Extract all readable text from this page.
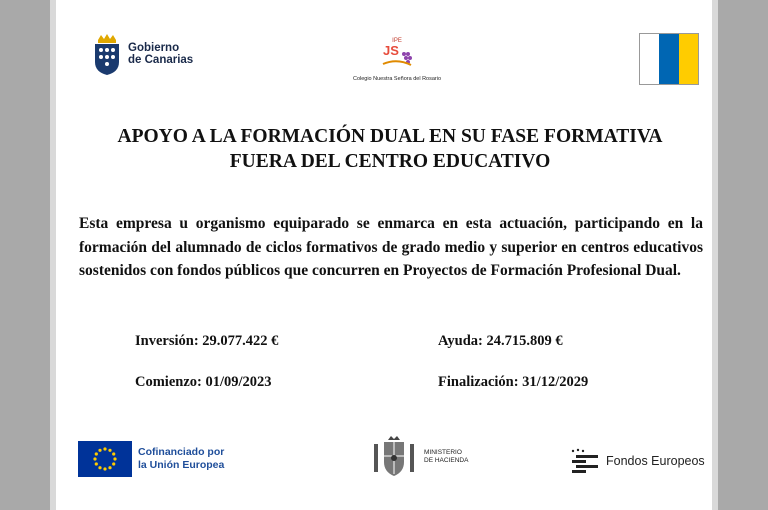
Gobierno
de Canarias
IPE
JS
Colegio Nuestra Señora del Rosario
APOYO A LA FORMACIÓN DUAL EN SU FASE FORMATIVA
FUERA DEL CENTRO EDUCATIVO
Esta empresa u organismo equiparado se enmarca en esta actuación, participando en la formación del alumnado de ciclos formativos de grado medio y superior en centros educativos sostenidos con fondos públicos que concurren en Proyectos de Formación Profesional Dual.
Inversión: 29.077.422 €	Ayuda: 24.715.809 €
Comienzo: 01/09/2023	Finalización: 31/12/2029
Cofinanciado por
la Unión Europea
MINISTERIO
DE HACIENDA	Fondos Europeos
